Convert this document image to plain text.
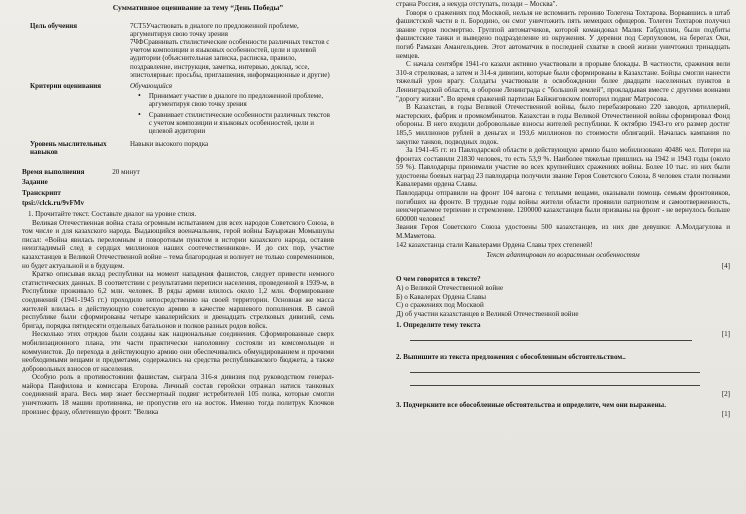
Суммативное оценивание за тему “День Победы”
Цель обучения	7СТ5Участвовать в диалоге по предложенной проблеме, аргументируя свою точку зрения
7ЧФСравнивать стилистические особенности различных текстов с учетом композиции и языковых особенностей, цели и целевой аудитории (объяснительная записка, расписка, правило, поздравление, инструкция, заметка, интервью, доклад, эссе, эпистолярные: просьбы, приглашения, информационные и другие)

Критерии оценивания	Обучающийся
• Принимает участие в диалоге по предложенной проблеме, аргументируя свою точку зрения
• Сравнивает стилистические особенности различных текстов с учетом композиции и языковых особенностей, цели и целевой аудитории

Уровень мыслительных навыков	Навыки высокого порядка
Время выполнения	20 минут
Задание
Транскрипт
tpsi://clck.ru/9vFMv
1. Прочитайте текст. Составьте диалог на уровне стиля.

Великая Отечественная война стала огромным испытанием для всех народов Советского Союза, в том числе и для казахского народа. Выдающийся военачальник, герой войны Бауыржан Момышулы писал: «Война явилась переломным и поворотным пунктом в истории казахского народа, оставив неизгладимый след в сердцах миллионов наших соотечественников». И до сих пор, участие казахстанцев в Великой Отечественной войне – тема благородная и волнует не только современников, но будет актуальной и в будущем.

Кратко описывая вклад республики на момент нападения фашистов, следует привести немного статистических данных. В соответствии с результатами переписи населения, проведенной в 1939-м, в Республике проживало 6,2 млн. человек. В ряды армии влилось около 1,2 млн. Формирование соединений (1941-1945 гг.) проходило непосредственно на своей территории. Основная же масса жителей влилась в действующую советскую армию в качестве маршевого пополнения. В самой республике были сформированы четыре кавалерийских и двенадцать стрелковых дивизий, семь бригад, порядка пятидесяти отдельных батальонов и полков разных родов войск.

Несколько этих отрядов были созданы как национальные соединения. Сформированные сверх мобилизационного плана, эти части практически наполовину состояли из комсомольцев и коммунистов. До перехода в действующую армию они обеспечивались обмундированием и прочими необходимыми вещами и предметами, содержались на средства республиканского бюджета, а также добровольных взносов от населения.

Особую роль в противостоянии фашистам, сыграла 316-я дивизия под руководством генерал-майора Панфилова и комиссара Егорова. Личный состав геройски отражал натиск танковых соединений врага. Весь мир знает бессмертный подвиг истребителей 105 полка, которые смогли уничтожить 18 машин противника, не пропустив его на восток. Именно тогда политрук Клочков произнес фразу, облетевшую фронт: "Велика

страна Россия, а некуда отступать, позади – Москва".

Говоря о сражениях под Москвой, нельзя не вспомнить героиню Толегена Тохтарова. Ворвавшись в штаб фашистской части в п. Бородино, он смог уничтожить пять немецких офицеров. Толеген Тохтаров получил звание героя посмертно. Группой автоматчиков, которой командовал Малик Габдуллин, были подбиты фашистские танки и выведено подразделение из окружения. У деревни под Серпуховом, на берегах Оки, погиб Рамазан Амангельдиев. Этот автоматчик в последней схватке в своей жизни уничтожил тринадцать немцев.

С начала сентября 1941-го казахи активно участвовали в прорыве блокады. В частности, сражения вели 310-я стрелковая, а затем и 314-я дивизии, которые были сформированы в Казахстане. Бойцы смогли нанести тяжелый урон врагу. Солдаты участвовали в освобождении более двадцати населенных пунктов в Ленинградской области, в обороне Ленинграда с "большой землей", прокладывая вместе с другими воинами "дорогу жизни". Во время сражений партизан Байжиговском повторил подвиг Матросова.

В Казахстан, в годы Великой Отечественной войны, было перебазировано 220 заводов, артиллерий, мастерских, фабрик и промкомбинатов. Казахстан в годы Великой Отечественной войны сформировал Фонд обороны. В него входили добровольные взносы жителей республики. К октябрю 1943-го его размер достиг 185,5 миллионов рублей в деньгах и 193,6 миллионов по стоимости облигаций. Началась кампания по закупке танков, подводных лодок.

За 1941-45 гг. из Павлодарской области в действующую армию было мобилизовано 40486 чел. Потери на фронтах составили 21830 человек, то есть 53,9 %. Наиболее тяжелые пришлись на 1942 и 1943 годы (около 59 %). Павлодарцы принимали участие во всех крупнейших сражениях войны. Более 10 тыс. из них были удостоены боевых наград 23 павлодарца получили звание Героя Советского Союза, 8 человек стали полными Кавалерами ордена Славы.

Павлодарцы отправили на фронт 104 вагона с теплыми вещами, оказывали помощь семьям фронтовиков, погибших на фронте. В трудные годы войны жители области проявили патриотизм и самоотверженность, неисчерпаемое терпение и стремление. 1200000 казахстанцев были призваны на фронт - не вернулось больше 600000 человек!

Звания Героя Советского Союза удостоены 500 казахстанцев, из них две девушки: А.Молдагулова и М.Маметова.

142 казахстанца стали Кавалерами Ордена Славы трех степеней!

Текст адаптирован по возрастным особенностям
[4]
О чем говорится в тексте?
А) о Великой Отечественной войне
Б) о Кавалерах Ордена Славы
С) о сражениях под Москвой
Д) об участии казахстанцев в Великой Отечественной войне
1. Определите тему текста
[1]
2. Выпишите из текста предложения с обособленным обстоятельством..
[2]
3. Подчеркните все обособленные обстоятельства и определите, чем они выражены.
[1]
